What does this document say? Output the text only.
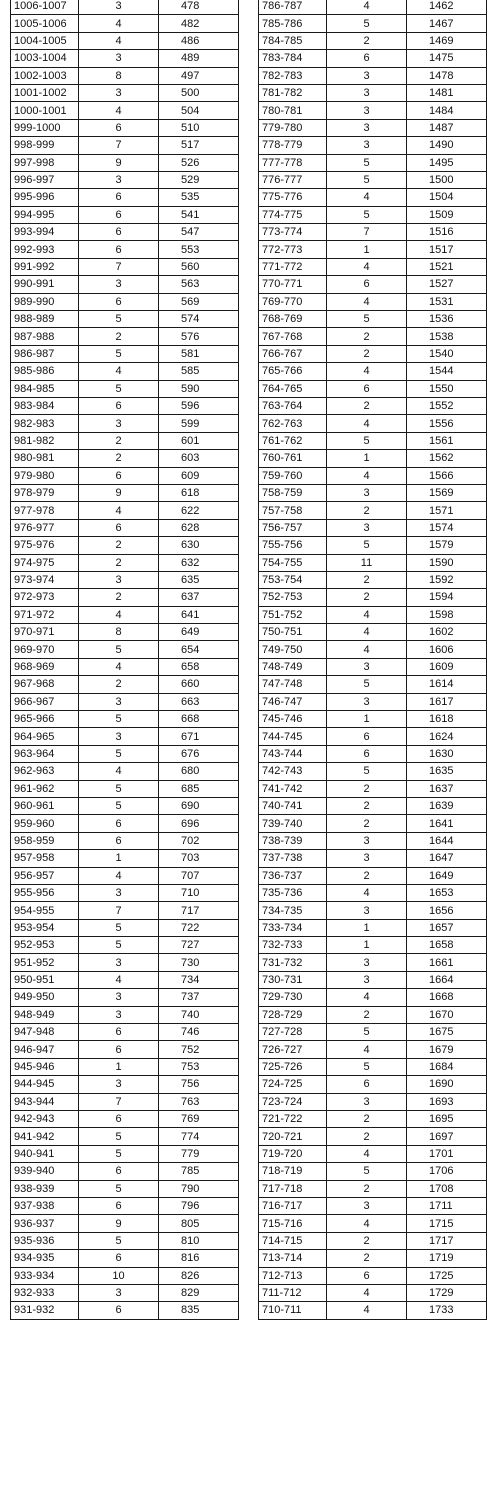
1006-1007	3	478
1005-1006	4	482
1004-1005	4	486
1003-1004	3	489
1002-1003	8	497
1001-1002	3	500
1000-1001	4	504
999-1000	6	510
998-999	7	517
997-998	9	526
996-997	3	529
995-996	6	535
994-995	6	541
993-994	6	547
992-993	6	553
991-992	7	560
990-991	3	563
989-990	6	569
988-989	5	574
987-988	2	576
986-987	5	581
985-986	4	585
984-985	5	590
983-984	6	596
982-983	3	599
981-982	2	601
980-981	2	603
979-980	6	609
978-979	9	618
977-978	4	622
976-977	6	628
975-976	2	630
974-975	2	632
973-974	3	635
972-973	2	637
971-972	4	641
970-971	8	649
969-970	5	654
968-969	4	658
967-968	2	660
966-967	3	663
965-966	5	668
964-965	3	671
963-964	5	676
962-963	4	680
961-962	5	685
960-961	5	690
959-960	6	696
958-959	6	702
957-958	1	703
956-957	4	707
955-956	3	710
954-955	7	717
953-954	5	722
952-953	5	727
951-952	3	730
950-951	4	734
949-950	3	737
948-949	3	740
947-948	6	746
946-947	6	752
945-946	1	753
944-945	3	756
943-944	7	763
942-943	6	769
941-942	5	774
940-941	5	779
939-940	6	785
938-939	5	790
937-938	6	796
936-937	9	805
935-936	5	810
934-935	6	816
933-934	10	826
932-933	3	829
931-932	6	835
786-787	4	1462
785-786	5	1467
784-785	2	1469
783-784	6	1475
782-783	3	1478
781-782	3	1481
780-781	3	1484
779-780	3	1487
778-779	3	1490
777-778	5	1495
776-777	5	1500
775-776	4	1504
774-775	5	1509
773-774	7	1516
772-773	1	1517
771-772	4	1521
770-771	6	1527
769-770	4	1531
768-769	5	1536
767-768	2	1538
766-767	2	1540
765-766	4	1544
764-765	6	1550
763-764	2	1552
762-763	4	1556
761-762	5	1561
760-761	1	1562
759-760	4	1566
758-759	3	1569
757-758	2	1571
756-757	3	1574
755-756	5	1579
754-755	11	1590
753-754	2	1592
752-753	2	1594
751-752	4	1598
750-751	4	1602
749-750	4	1606
748-749	3	1609
747-748	5	1614
746-747	3	1617
745-746	1	1618
744-745	6	1624
743-744	6	1630
742-743	5	1635
741-742	2	1637
740-741	2	1639
739-740	2	1641
738-739	3	1644
737-738	3	1647
736-737	2	1649
735-736	4	1653
734-735	3	1656
733-734	1	1657
732-733	1	1658
731-732	3	1661
730-731	3	1664
729-730	4	1668
728-729	2	1670
727-728	5	1675
726-727	4	1679
725-726	5	1684
724-725	6	1690
723-724	3	1693
721-722	2	1695
720-721	2	1697
719-720	4	1701
718-719	5	1706
717-718	2	1708
716-717	3	1711
715-716	4	1715
714-715	2	1717
713-714	2	1719
712-713	6	1725
711-712	4	1729
710-711	4	1733
